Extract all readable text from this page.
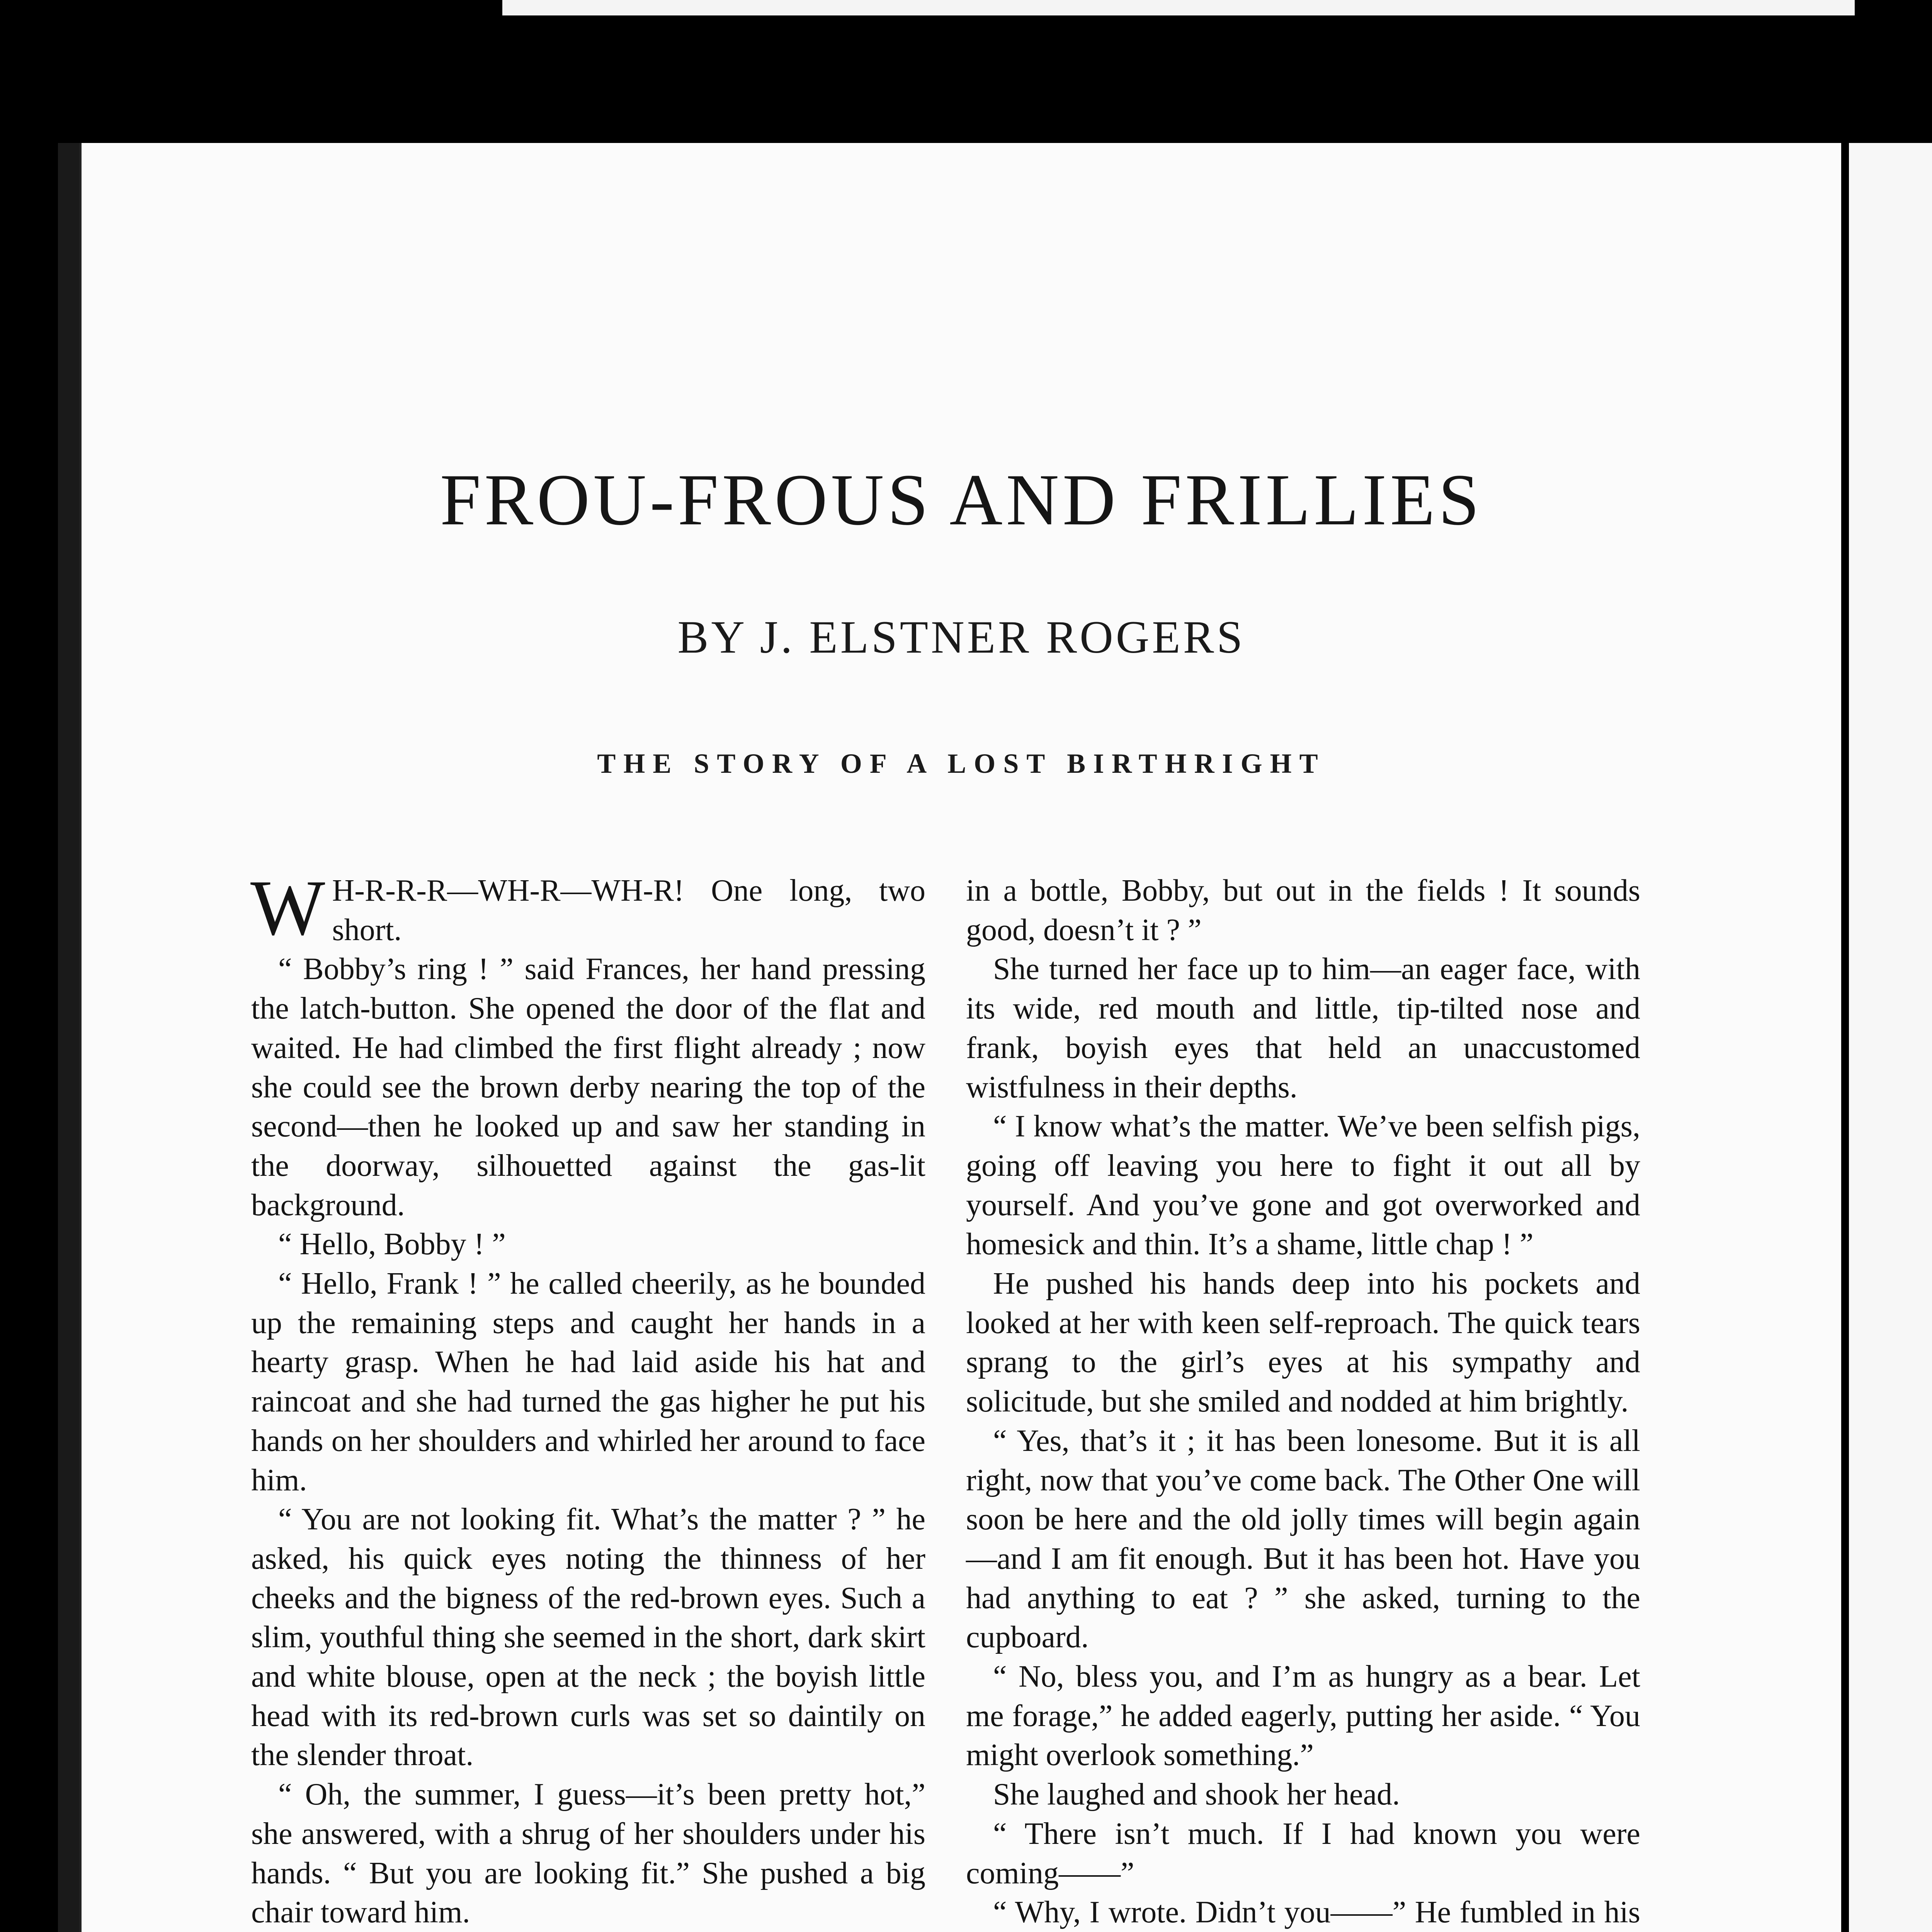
FROU-FROUS AND FRILLIES
BY J. ELSTNER ROGERS
THE STORY OF A LOST BIRTHRIGHT

W H-R-R-R—WH-R—WH-R! One long, two short.

“ Bobby’s ring ! ” said Frances, her hand pressing the latch-button. She opened the door of the flat and waited. He had climbed the first flight already ; now she could see the brown derby nearing the top of the second—then he looked up and saw her standing in the doorway, silhouetted against the gas-lit background.

“ Hello, Bobby ! ”

“ Hello, Frank ! ” he called cheerily, as he bounded up the remaining steps and caught her hands in a hearty grasp. When he had laid aside his hat and raincoat and she had turned the gas higher he put his hands on her shoulders and whirled her around to face him.

“ You are not looking fit. What’s the matter ? ” he asked, his quick eyes noting the thinness of her cheeks and the bigness of the red-brown eyes. Such a slim, youthful thing she seemed in the short, dark skirt and white blouse, open at the neck ; the boyish little head with its red-brown curls was set so daintily on the slender throat.

“ Oh, the summer, I guess—it’s been pretty hot,” she answered, with a shrug of her shoulders under his hands. “ But you are looking fit.” She pushed a big chair toward him.

in a bottle, Bobby, but out in the fields ! It sounds good, doesn’t it ? ”

She turned her face up to him—an eager face, with its wide, red mouth and little, tip-tilted nose and frank, boyish eyes that held an unaccustomed wistfulness in their depths.

“ I know what’s the matter. We’ve been selfish pigs, going off leaving you here to fight it out all by yourself. And you’ve gone and got overworked and homesick and thin. It’s a shame, little chap ! ”

He pushed his hands deep into his pockets and looked at her with keen self-reproach. The quick tears sprang to the girl’s eyes at his sympathy and solicitude, but she smiled and nodded at him brightly.

“ Yes, that’s it ; it has been lonesome. But it is all right, now that you’ve come back. The Other One will soon be here and the old jolly times will begin again —and I am fit enough. But it has been hot. Have you had anything to eat ? ” she asked, turning to the cupboard.

“ No, bless you, and I’m as hungry as a bear. Let me forage,” he added eagerly, putting her aside. “ You might overlook something.”

She laughed and shook her head.

“ There isn’t much. If I had known you were coming——”

“ Why, I wrote. Didn’t you——” He fumbled in his
